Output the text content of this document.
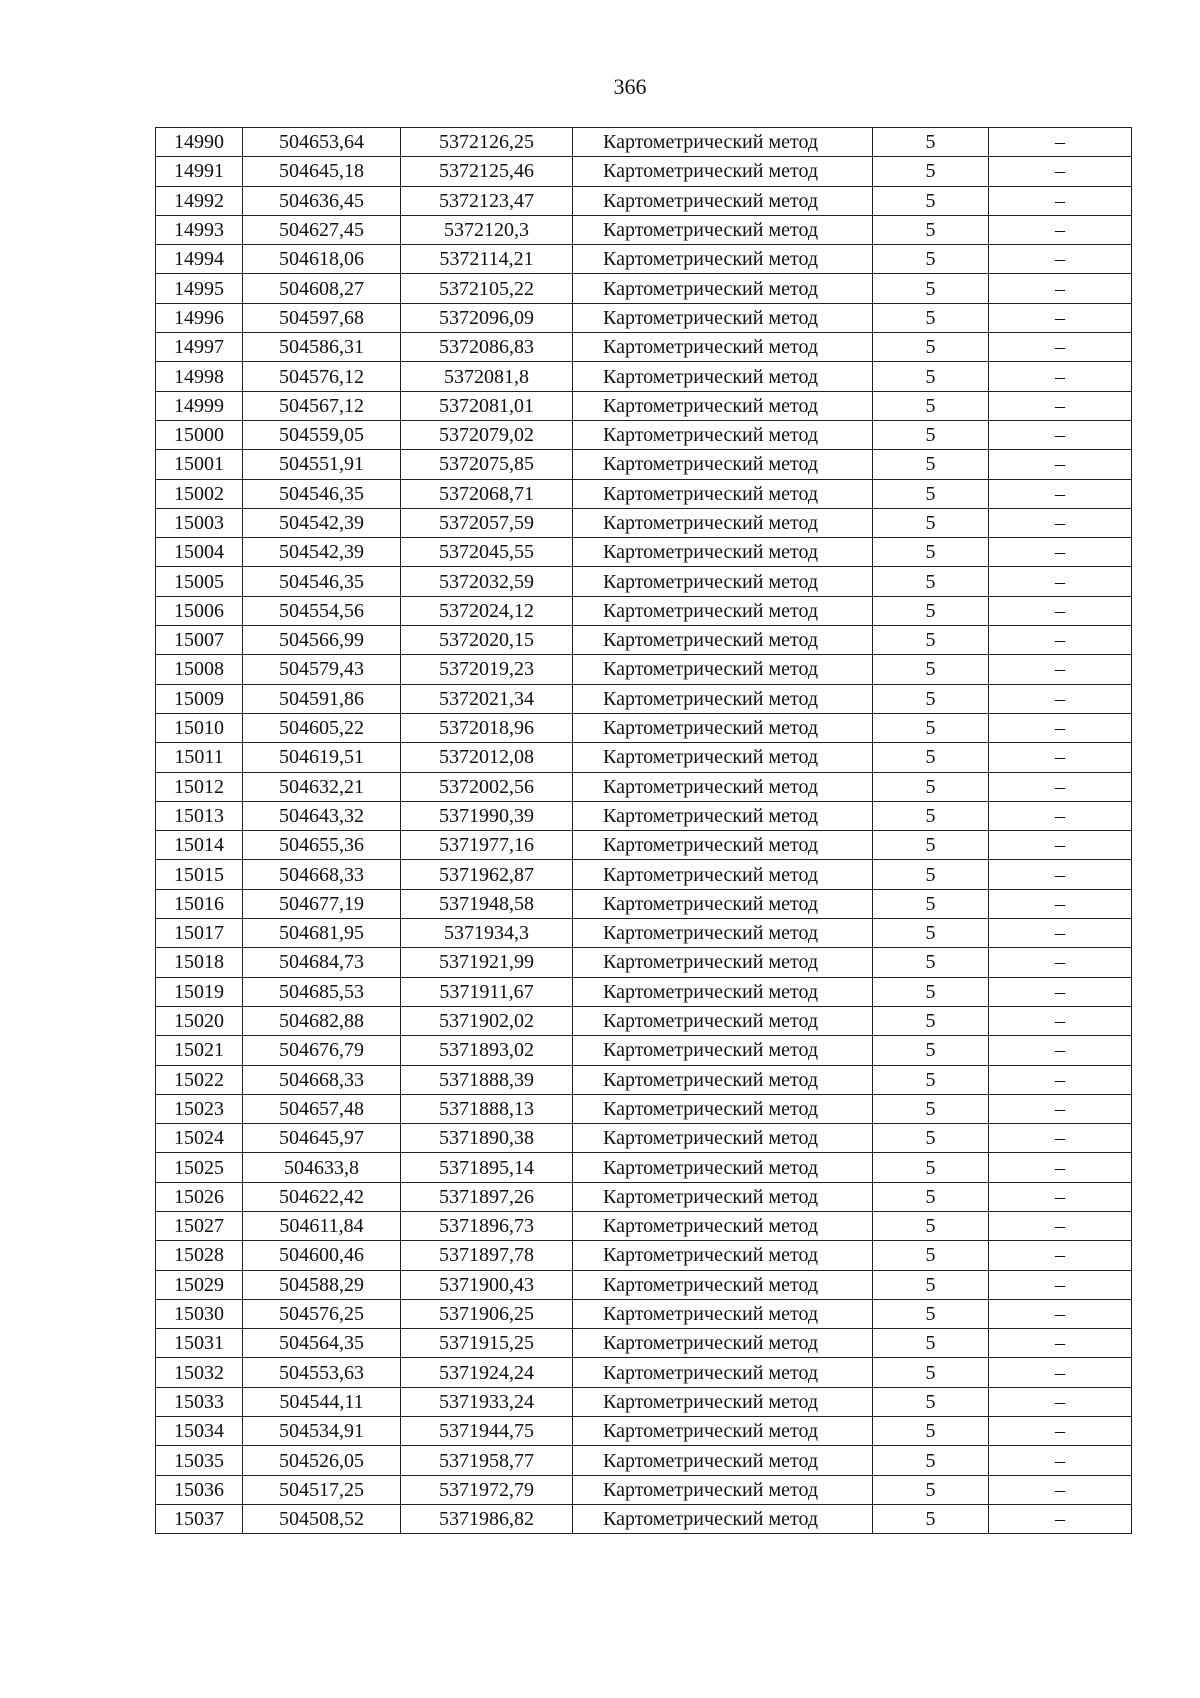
366
14990	504653,64	5372126,25	Картометрический метод	5	–
14991	504645,18	5372125,46	Картометрический метод	5	–
14992	504636,45	5372123,47	Картометрический метод	5	–
14993	504627,45	5372120,3	Картометрический метод	5	–
14994	504618,06	5372114,21	Картометрический метод	5	–
14995	504608,27	5372105,22	Картометрический метод	5	–
14996	504597,68	5372096,09	Картометрический метод	5	–
14997	504586,31	5372086,83	Картометрический метод	5	–
14998	504576,12	5372081,8	Картометрический метод	5	–
14999	504567,12	5372081,01	Картометрический метод	5	–
15000	504559,05	5372079,02	Картометрический метод	5	–
15001	504551,91	5372075,85	Картометрический метод	5	–
15002	504546,35	5372068,71	Картометрический метод	5	–
15003	504542,39	5372057,59	Картометрический метод	5	–
15004	504542,39	5372045,55	Картометрический метод	5	–
15005	504546,35	5372032,59	Картометрический метод	5	–
15006	504554,56	5372024,12	Картометрический метод	5	–
15007	504566,99	5372020,15	Картометрический метод	5	–
15008	504579,43	5372019,23	Картометрический метод	5	–
15009	504591,86	5372021,34	Картометрический метод	5	–
15010	504605,22	5372018,96	Картометрический метод	5	–
15011	504619,51	5372012,08	Картометрический метод	5	–
15012	504632,21	5372002,56	Картометрический метод	5	–
15013	504643,32	5371990,39	Картометрический метод	5	–
15014	504655,36	5371977,16	Картометрический метод	5	–
15015	504668,33	5371962,87	Картометрический метод	5	–
15016	504677,19	5371948,58	Картометрический метод	5	–
15017	504681,95	5371934,3	Картометрический метод	5	–
15018	504684,73	5371921,99	Картометрический метод	5	–
15019	504685,53	5371911,67	Картометрический метод	5	–
15020	504682,88	5371902,02	Картометрический метод	5	–
15021	504676,79	5371893,02	Картометрический метод	5	–
15022	504668,33	5371888,39	Картометрический метод	5	–
15023	504657,48	5371888,13	Картометрический метод	5	–
15024	504645,97	5371890,38	Картометрический метод	5	–
15025	504633,8	5371895,14	Картометрический метод	5	–
15026	504622,42	5371897,26	Картометрический метод	5	–
15027	504611,84	5371896,73	Картометрический метод	5	–
15028	504600,46	5371897,78	Картометрический метод	5	–
15029	504588,29	5371900,43	Картометрический метод	5	–
15030	504576,25	5371906,25	Картометрический метод	5	–
15031	504564,35	5371915,25	Картометрический метод	5	–
15032	504553,63	5371924,24	Картометрический метод	5	–
15033	504544,11	5371933,24	Картометрический метод	5	–
15034	504534,91	5371944,75	Картометрический метод	5	–
15035	504526,05	5371958,77	Картометрический метод	5	–
15036	504517,25	5371972,79	Картометрический метод	5	–
15037	504508,52	5371986,82	Картометрический метод	5	–
